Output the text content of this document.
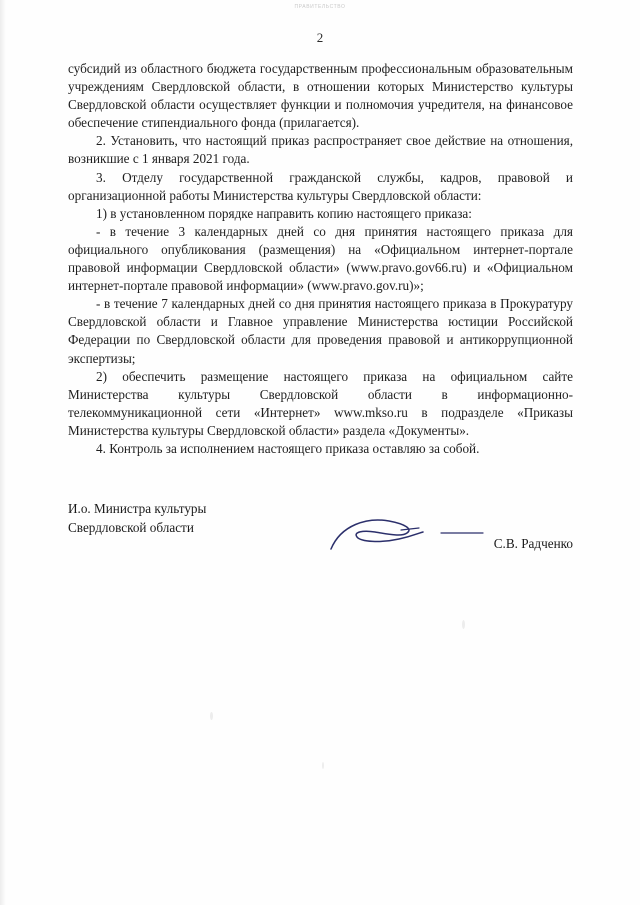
ПРАВИТЕЛЬСТВО
2

субсидий из областного бюджета государственным профессиональным образовательным учреждениям Свердловской области, в отношении которых Министерство культуры Свердловской области осуществляет функции и полномочия учредителя, на финансовое обеспечение стипендиального фонда (прилагается).

2. Установить, что настоящий приказ распространяет свое действие на отношения, возникшие с 1 января 2021 года.

3. Отделу государственной гражданской службы, кадров, правовой и организационной работы Министерства культуры Свердловской области:

1) в установленном порядке направить копию настоящего приказа:

- в течение 3 календарных дней со дня принятия настоящего приказа для официального опубликования (размещения) на «Официальном интернет-портале правовой информации Свердловской области» (www.pravo.gov66.ru) и «Официальном интернет-портале правовой информации» (www.pravo.gov.ru)»;

- в течение 7 календарных дней со дня принятия настоящего приказа в Прокуратуру Свердловской области и Главное управление Министерства юстиции Российской Федерации по Свердловской области для проведения правовой и антикоррупционной экспертизы;

2) обеспечить размещение настоящего приказа на официальном сайте Министерства культуры Свердловской области в информационно-телекоммуникационной сети «Интернет» www.mkso.ru в подразделе «Приказы Министерства культуры Свердловской области» раздела «Документы».

4. Контроль за исполнением настоящего приказа оставляю за собой.

И.о. Министра культуры
Свердловской области
С.В. Радченко
